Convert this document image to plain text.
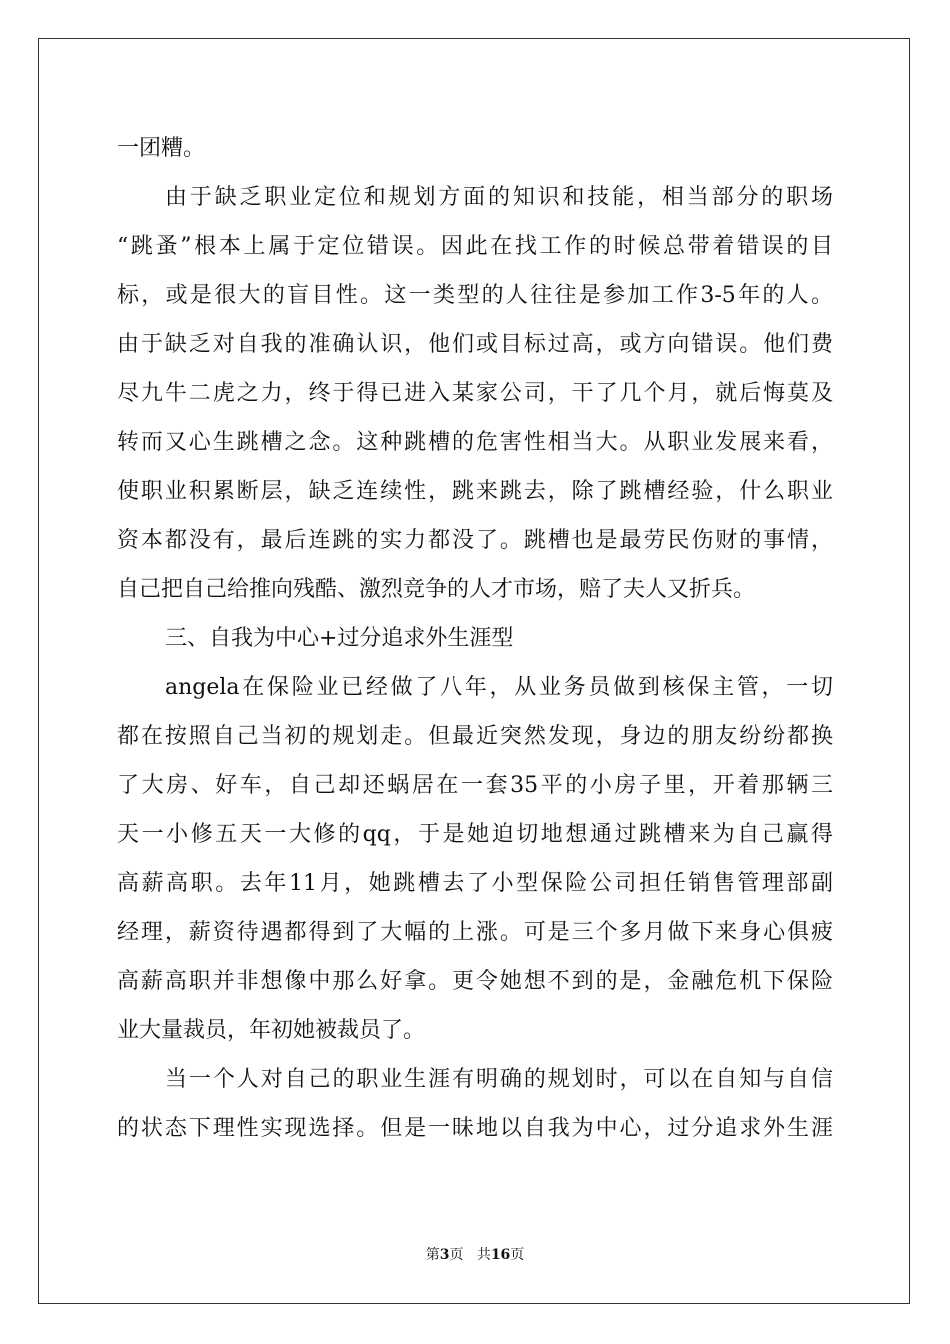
一团糟。
由于缺乏职业定位和规划方面的知识和技能，相当部分的职场
“跳蚤”根本上属于定位错误。因此在找工作的时候总带着错误的目
标，或是很大的盲目性。这一类型的人往往是参加工作3-5年的人。
由于缺乏对自我的准确认识，他们或目标过高，或方向错误。他们费
尽九牛二虎之力，终于得已进入某家公司，干了几个月，就后悔莫及
转而又心生跳槽之念。这种跳槽的危害性相当大。从职业发展来看，
使职业积累断层，缺乏连续性，跳来跳去，除了跳槽经验，什么职业
资本都没有，最后连跳的实力都没了。跳槽也是最劳民伤财的事情，
自己把自己给推向残酷、激烈竞争的人才市场，赔了夫人又折兵。
三、自我为中心+过分追求外生涯型
angela在保险业已经做了八年，从业务员做到核保主管，一切
都在按照自己当初的规划走。但最近突然发现，身边的朋友纷纷都换
了大房、好车，自己却还蜗居在一套35平的小房子里，开着那辆三
天一小修五天一大修的qq，于是她迫切地想通过跳槽来为自己赢得
高薪高职。去年11月，她跳槽去了小型保险公司担任销售管理部副
经理，薪资待遇都得到了大幅的上涨。可是三个多月做下来身心俱疲
高薪高职并非想像中那么好拿。更令她想不到的是，金融危机下保险
业大量裁员，年初她被裁员了。
当一个人对自己的职业生涯有明确的规划时，可以在自知与自信
的状态下理性实现选择。但是一昧地以自我为中心，过分追求外生涯
第3页 共16页
